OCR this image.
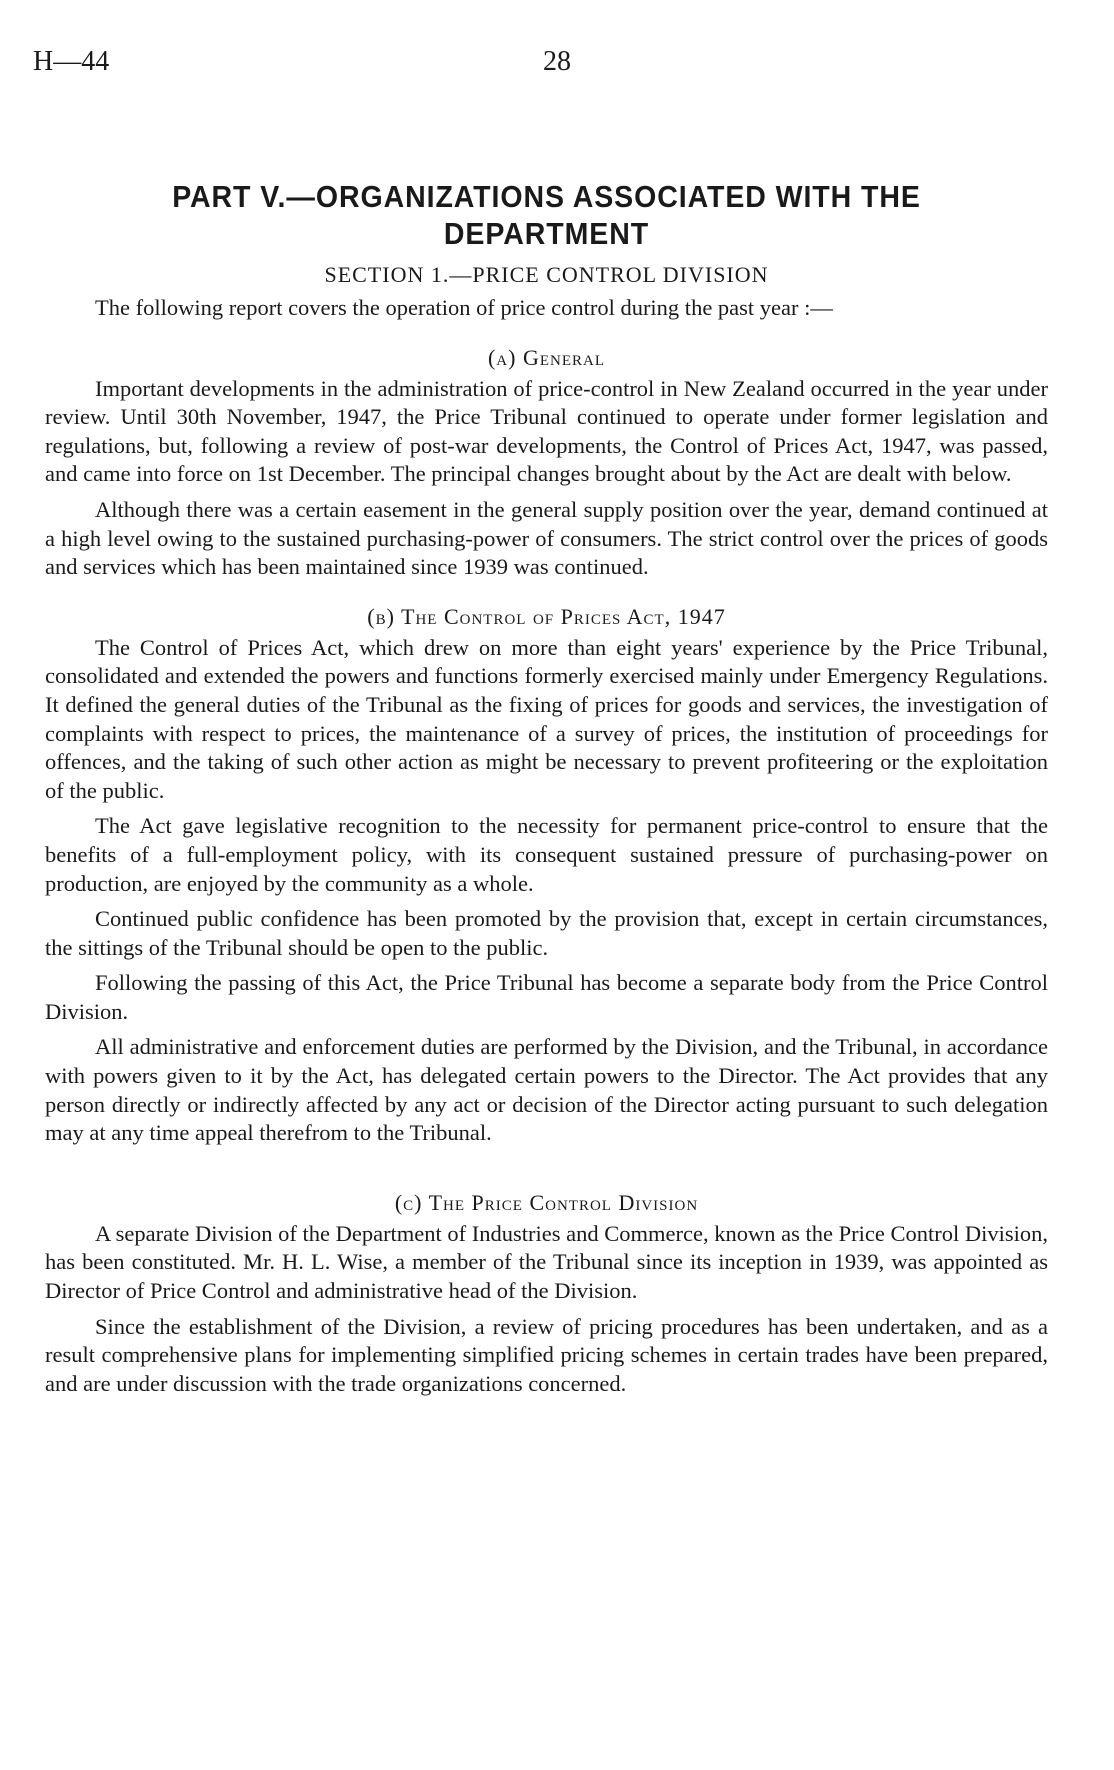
H—44	28
PART V.—ORGANIZATIONS ASSOCIATED WITH THE
DEPARTMENT
SECTION 1.—PRICE CONTROL DIVISION

The following report covers the operation of price control during the past year :—

(a) General

Important developments in the administration of price-control in New Zealand occurred in the year under review. Until 30th November, 1947, the Price Tribunal continued to operate under former legislation and regulations, but, following a review of post-war developments, the Control of Prices Act, 1947, was passed, and came into force on 1st December. The principal changes brought about by the Act are dealt with below.

Although there was a certain easement in the general supply position over the year, demand continued at a high level owing to the sustained purchasing-power of consumers. The strict control over the prices of goods and services which has been maintained since 1939 was continued.

(b) The Control of Prices Act, 1947

The Control of Prices Act, which drew on more than eight years' experience by the Price Tribunal, consolidated and extended the powers and functions formerly exercised mainly under Emergency Regulations. It defined the general duties of the Tribunal as the fixing of prices for goods and services, the investigation of complaints with respect to prices, the maintenance of a survey of prices, the institution of proceedings for offences, and the taking of such other action as might be necessary to prevent profiteering or the exploitation of the public.

The Act gave legislative recognition to the necessity for permanent price-control to ensure that the benefits of a full-employment policy, with its consequent sustained pressure of purchasing-power on production, are enjoyed by the community as a whole.

Continued public confidence has been promoted by the provision that, except in certain circumstances, the sittings of the Tribunal should be open to the public.

Following the passing of this Act, the Price Tribunal has become a separate body from the Price Control Division.

All administrative and enforcement duties are performed by the Division, and the Tribunal, in accordance with powers given to it by the Act, has delegated certain powers to the Director. The Act provides that any person directly or indirectly affected by any act or decision of the Director acting pursuant to such delegation may at any time appeal therefrom to the Tribunal.

(c) The Price Control Division

A separate Division of the Department of Industries and Commerce, known as the Price Control Division, has been constituted. Mr. H. L. Wise, a member of the Tribunal since its inception in 1939, was appointed as Director of Price Control and administrative head of the Division.

Since the establishment of the Division, a review of pricing procedures has been undertaken, and as a result comprehensive plans for implementing simplified pricing schemes in certain trades have been prepared, and are under discussion with the trade organizations concerned.
